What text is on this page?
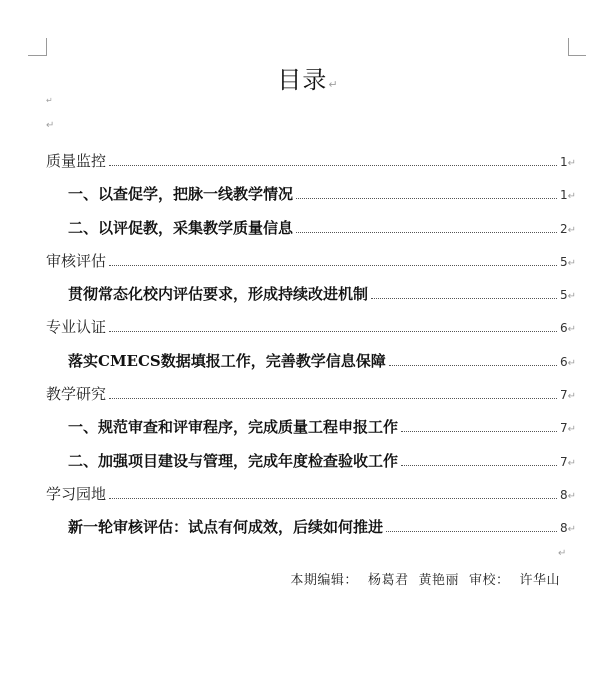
目录↵
↵
↵
质量监控	1 ↵
一、以查促学，把脉一线教学情况	1 ↵
二、以评促教，采集教学质量信息	2 ↵
审核评估	5 ↵
贯彻常态化校内评估要求，形成持续改进机制	5 ↵
专业认证	6 ↵
落实CMECS数据填报工作，完善教学信息保障	6 ↵
教学研究	7 ↵
一、规范审查和评审程序，完成质量工程申报工作	7 ↵
二、加强项目建设与管理，完成年度检查验收工作	7 ↵
学习园地	8 ↵
新一轮审核评估：试点有何成效，后续如何推进	8 ↵
↵
本期编辑： 杨葛君 黄艳丽 审校： 许华山
